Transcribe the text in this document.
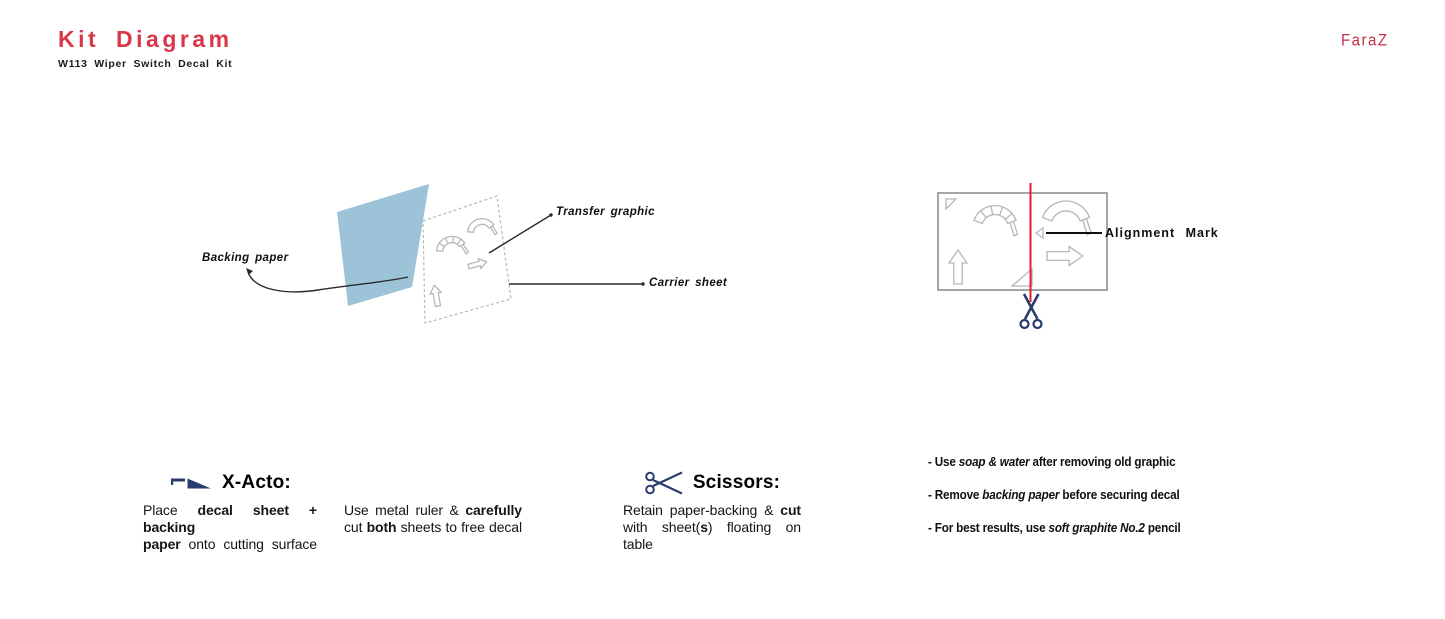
Kit Diagram
W113 Wiper Switch Decal Kit
FaraZ
Backing paper
Transfer graphic
Carrier sheet
Alignment Mark
X-Acto:
Place decal sheet + backing
paper onto cutting surface
Use metal ruler & carefully
cut both sheets to free decal
Scissors:
Retain paper-backing & cut
with sheet(s) floating on table
- Use soap & water after removing old graphic
- Remove backing paper before securing decal
- For best results, use soft graphite No.2 pencil
